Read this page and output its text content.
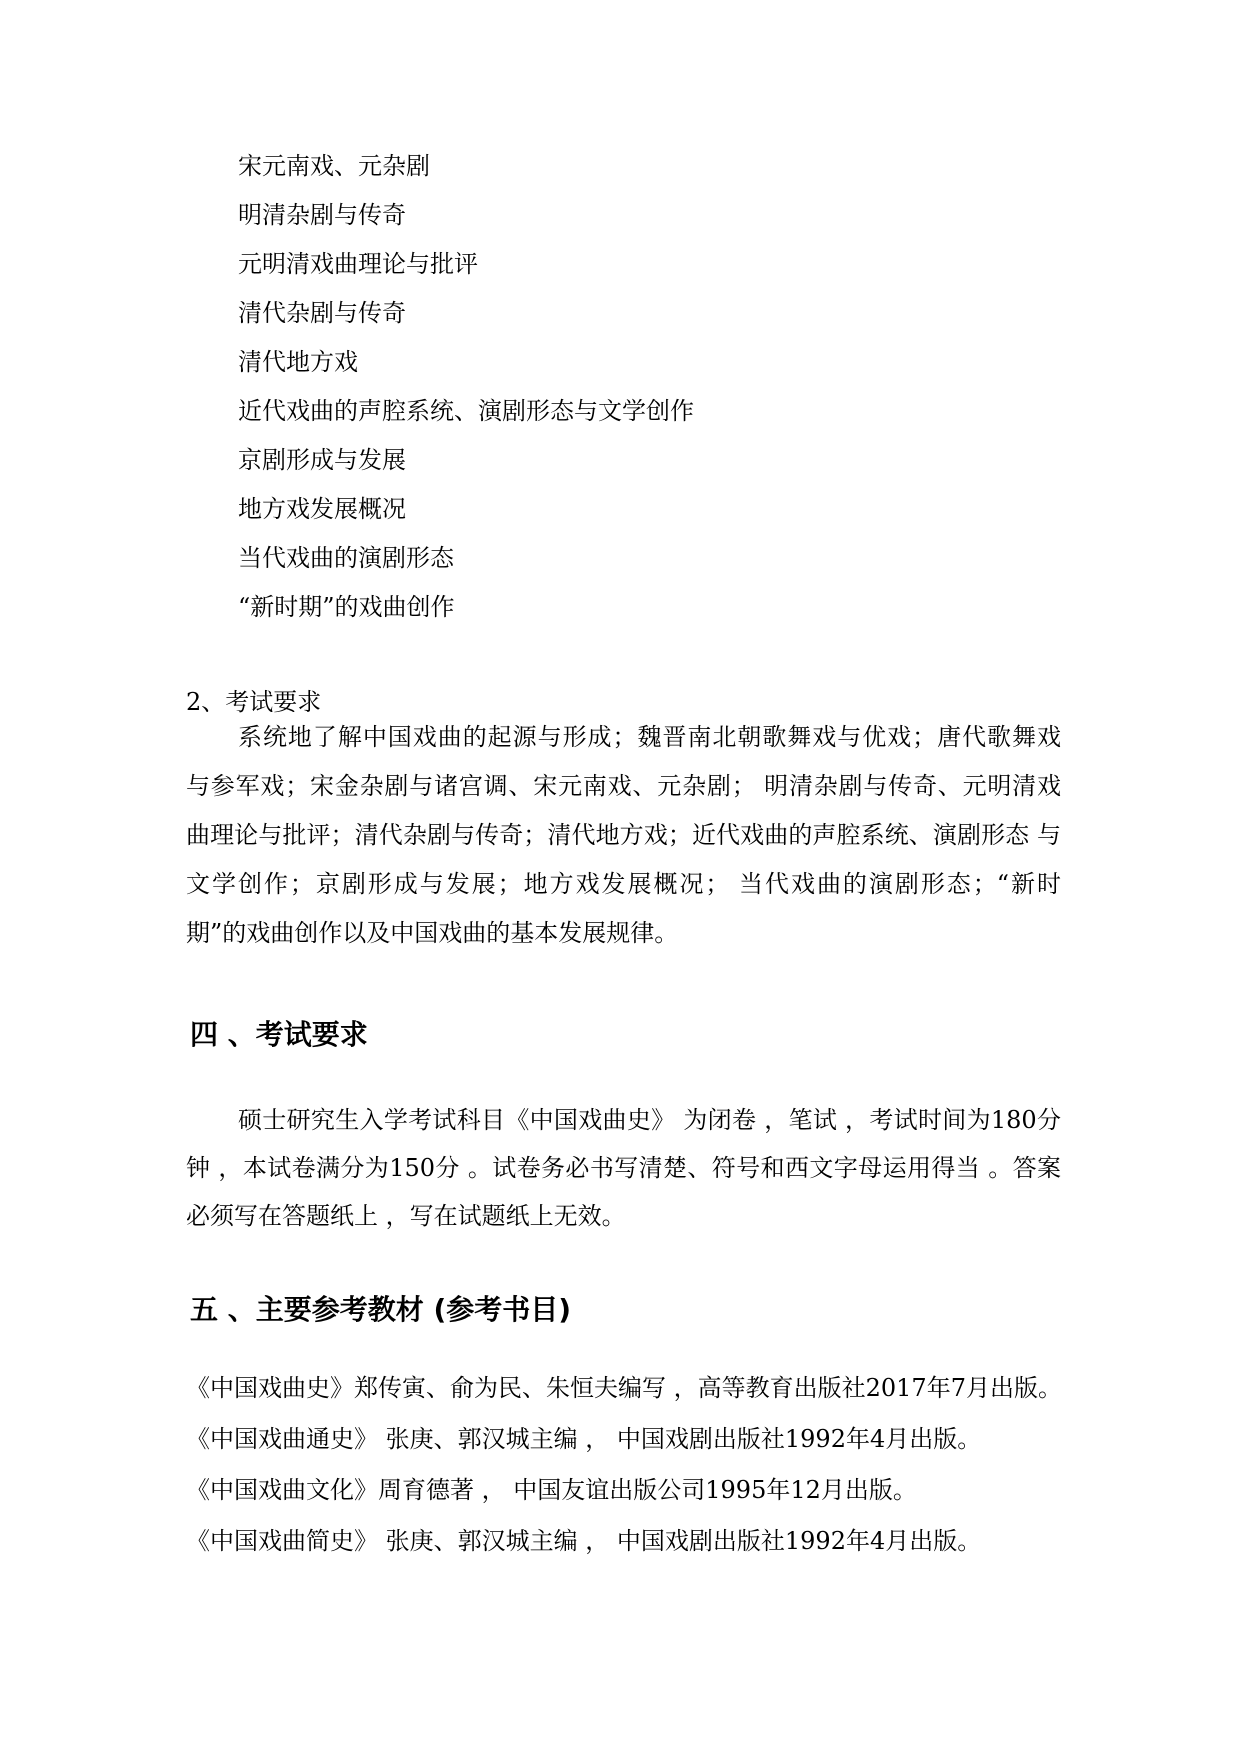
宋元南戏、元杂剧
明清杂剧与传奇
元明清戏曲理论与批评
清代杂剧与传奇
清代地方戏
近代戏曲的声腔系统、演剧形态与文学创作
京剧形成与发展
地方戏发展概况
当代戏曲的演剧形态
“新时期”的戏曲创作
2、考试要求

系统地了解中国戏曲的起源与形成；魏晋南北朝歌舞戏与优戏；唐代歌舞戏 与参军戏；宋金杂剧与诸宫调、宋元南戏、元杂剧； 明清杂剧与传奇、元明清戏 曲理论与批评；清代杂剧与传奇；清代地方戏；近代戏曲的声腔系统、演剧形态 与文学创作；京剧形成与发展；地方戏发展概况； 当代戏曲的演剧形态；“新时 期”的戏曲创作以及中国戏曲的基本发展规律。

四 、考试要求

硕士研究生入学考试科目《中国戏曲史》 为闭卷 ，笔试 ，考试时间为180分钟 ，本试卷满分为150分 。试卷务必书写清楚、符号和西文字母运用得当 。答案必须写在答题纸上 ，写在试题纸上无效。

五 、主要参考教材 (参考书目)
《中国戏曲史》郑传寅、俞为民、朱恒夫编写 ，高等教育出版社2017年7月出版。
《中国戏曲通史》 张庚、郭汉城主编 ， 中国戏剧出版社1992年4月出版。
《中国戏曲文化》周育德著 ， 中国友谊出版公司1995年12月出版。
《中国戏曲简史》 张庚、郭汉城主编 ， 中国戏剧出版社1992年4月出版。
